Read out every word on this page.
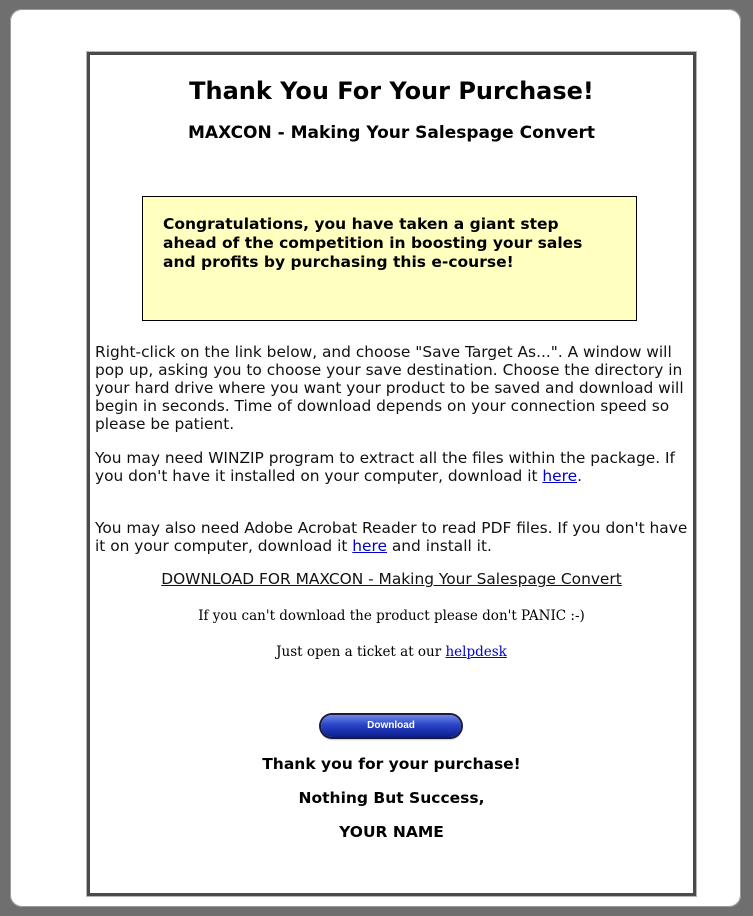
Thank You For Your Purchase!
MAXCON - Making Your Salespage Convert
Congratulations, you have taken a giant step ahead of the competition in boosting your sales and profits by purchasing this e-course!

Right-click on the link below, and choose "Save Target As...". A window will pop up, asking you to choose your save destination. Choose the directory in your hard drive where you want your product to be saved and download will begin in seconds. Time of download depends on your connection speed so please be patient.

You may need WINZIP program to extract all the files within the package. If you don't have it installed on your computer, download it here.

You may also need Adobe Acrobat Reader to read PDF files. If you don't have it on your computer, download it here and install it.

DOWNLOAD FOR MAXCON - Making Your Salespage Convert
If you can't download the product please don't PANIC :-)
Just open a ticket at our helpdesk
Download
Thank you for your purchase!
Nothing But Success,
YOUR NAME
